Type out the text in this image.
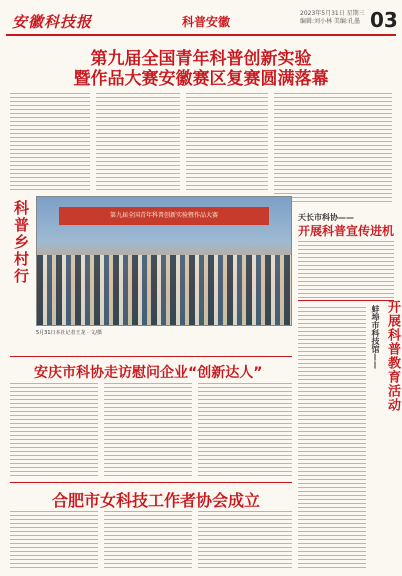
安徽科技报	科普安徽
2023年5月31日 星期三
编辑:刘小林 美编:孔墨 03
第九届全国青年科普创新实验
暨作品大赛安徽赛区复赛圆满落幕
科普乡村行	第九届全国青年科普创新实验暨作品大赛
5月31日本社记者王龙 · 文/摄
天长市科协——
开展科普宣传进机
蚌埠市科技馆—— 开展科普教育活动
安庆市科协走访慰问企业“创新达人”
合肥市女科技工作者协会成立
